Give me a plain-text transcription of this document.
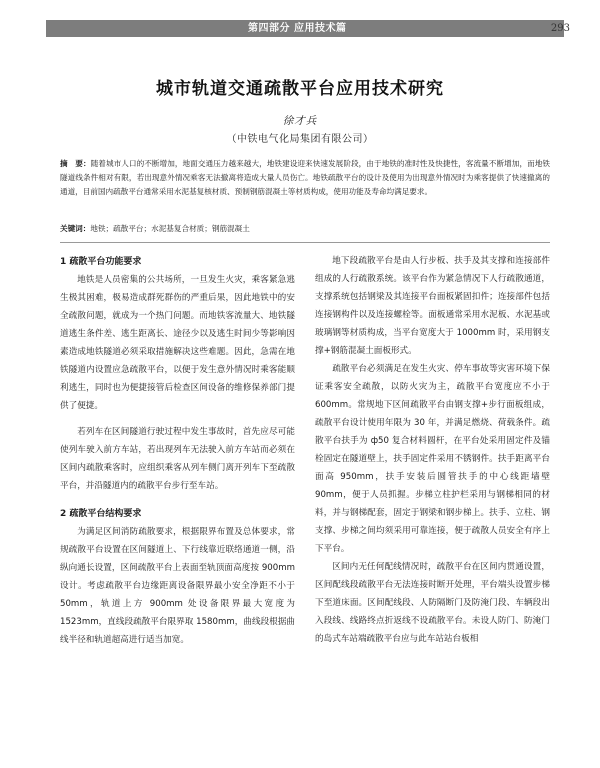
第四部分 应用技术篇	293
城市轨道交通疏散平台应用技术研究
徐才兵
（中铁电气化局集团有限公司）

摘　要：随着城市人口的不断增加，地面交通压力越来越大，地铁建设迎来快速发展阶段，由于地铁的准时性及快捷性，客流量不断增加，而地铁隧道线条件相对有限，若出现意外情况乘客无法撤离将造成大量人员伤亡。地铁疏散平台的设计及使用为出现意外情况时为乘客提供了快速撤离的通道，目前国内疏散平台通常采用水泥基复核材质、预制钢筋混凝土等材质构成，使用功能及寿命均满足要求。

关键词：地铁；疏散平台；水泥基复合材质；钢筋混凝土

1 疏散平台功能要求

地铁是人员密集的公共场所，一旦发生火灾，乘客紧急逃生极其困难，极易造成群死群伤的严重后果，因此地铁中的安全疏散问题，就成为一个热门问题。而地铁客流量大、地铁隧道逃生条件差、逃生距离长、途径少以及逃生时间少等影响因素造成地铁隧道必须采取措施解决这些难题。因此，急需在地铁隧道内设置应急疏散平台，以便于发生意外情况时乘客能顺利逃生，同时也为便捷接管后检查区间设备的维修保养部门提供了便捷。

若列车在区间隧道行驶过程中发生事故时，首先应尽可能使列车驶入前方车站，若出现列车无法驶入前方车站而必须在区间内疏散乘客时，应组织乘客从列车侧门离开列车下至疏散平台，并沿隧道内的疏散平台步行至车站。

2 疏散平台结构要求

为满足区间消防疏散要求，根据限界布置及总体要求，常规疏散平台设置在区间隧道上、下行线靠近联络通道一侧，沿纵向通长设置，区间疏散平台上表面至轨顶面高度按 900mm 设计。考虑疏散平台边缘距离设备限界最小安全净距不小于 50mm，轨道上方 900mm 处设备限界最大宽度为 1523mm，直线段疏散平台限界取 1580mm，曲线段根据曲线半径和轨道超高进行适当加宽。

地下段疏散平台是由人行步板、扶手及其支撑和连接部件组成的人行疏散系统。该平台作为紧急情况下人行疏散通道，支撑系统包括钢梁及其连接平台面板紧固扣件；连接部件包括连接钢构件以及连接螺栓等。面板通常采用水泥板、水泥基或玻璃钢等材质构成，当平台宽度大于 1000mm 时，采用钢支撑+钢筋混凝土面板形式。

疏散平台必须满足在发生火灾、停车事故等灾害环境下保证乘客安全疏散，以防火灾为主，疏散平台宽度应不小于 600mm。常规地下区间疏散平台由钢支撑+步行面板组成，疏散平台设计使用年限为 30 年，并满足燃烧、荷载条件。疏散平台扶手为 ф50 复合材料圆杆，在平台处采用固定件及锚栓固定在隧道壁上，扶手固定件采用不锈钢件。扶手距离平台面高 950mm，扶手安装后圆管扶手的中心线距墙壁 90mm，便于人员抓握。步梯立柱护栏采用与钢梯相同的材料，并与钢梯配套，固定于钢梁和钢步梯上。扶手、立柱、钢支撑、步梯之间均须采用可靠连接，便于疏散人员安全有序上下平台。

区间内无任何配线情况时，疏散平台在区间内贯通设置，区间配线段疏散平台无法连接时断开处理，平台端头设置步梯下至道床面。区间配线段、人防隔断门及防淹门段、车辆段出入段线、线路终点折返线不设疏散平台。未设人防门、防淹门的岛式车站端疏散平台应与此车站站台板相
